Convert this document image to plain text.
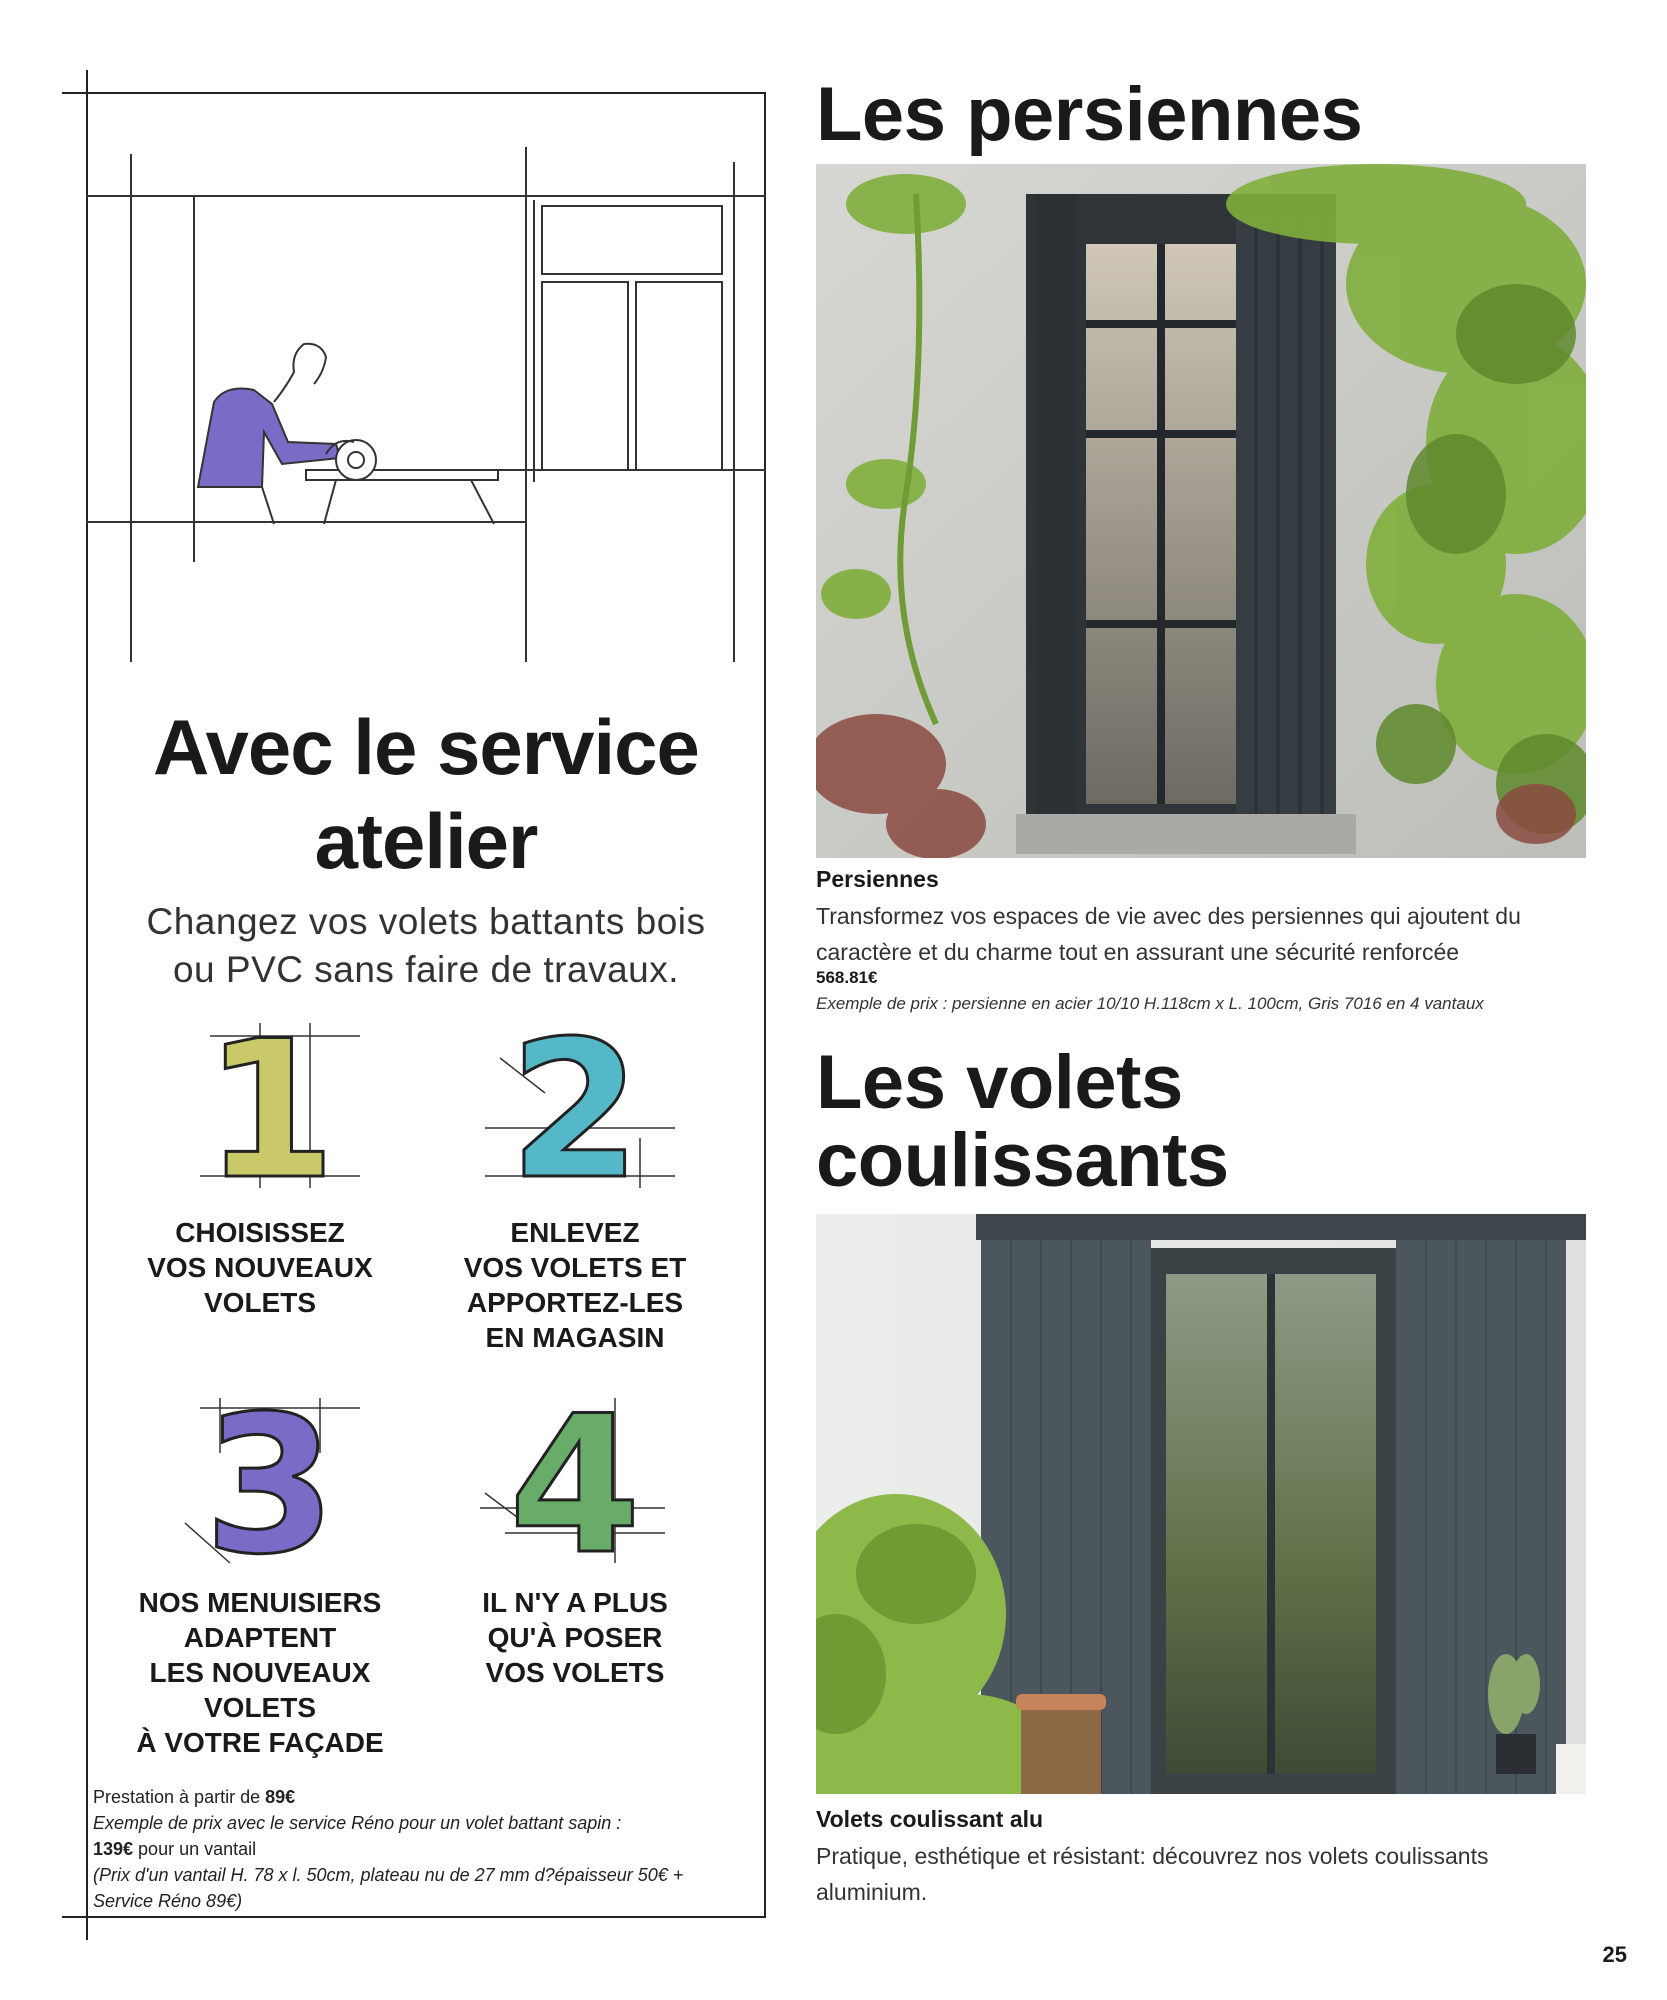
Avec le service
atelier
Changez vos volets battants bois
ou PVC sans faire de travaux.
1 2
3 4
CHOISISSEZ
VOS NOUVEAUX
VOLETS
ENLEVEZ
VOS VOLETS ET
APPORTEZ-LES
EN MAGASIN
NOS MENUISIERS
ADAPTENT
LES NOUVEAUX
VOLETS
À VOTRE FAÇADE
IL N'Y A PLUS
QU'À POSER
VOS VOLETS
Prestation à partir de 89€
Exemple de prix avec le service Réno pour un volet battant sapin :
139€ pour un vantail
(Prix d'un vantail H. 78 x l. 50cm, plateau nu de 27 mm d?épaisseur 50€ +
Service Réno 89€)
Les persiennes
Persiennes
Transformez vos espaces de vie avec des persiennes qui ajoutent du caractère et du charme tout en assurant une sécurité renforcée
568.81€
Exemple de prix : persienne en acier 10/10 H.118cm x L. 100cm, Gris 7016 en 4 vantaux
Les volets
coulissants
Volets coulissant alu
Pratique, esthétique et résistant: découvrez nos volets coulissants aluminium.
25
